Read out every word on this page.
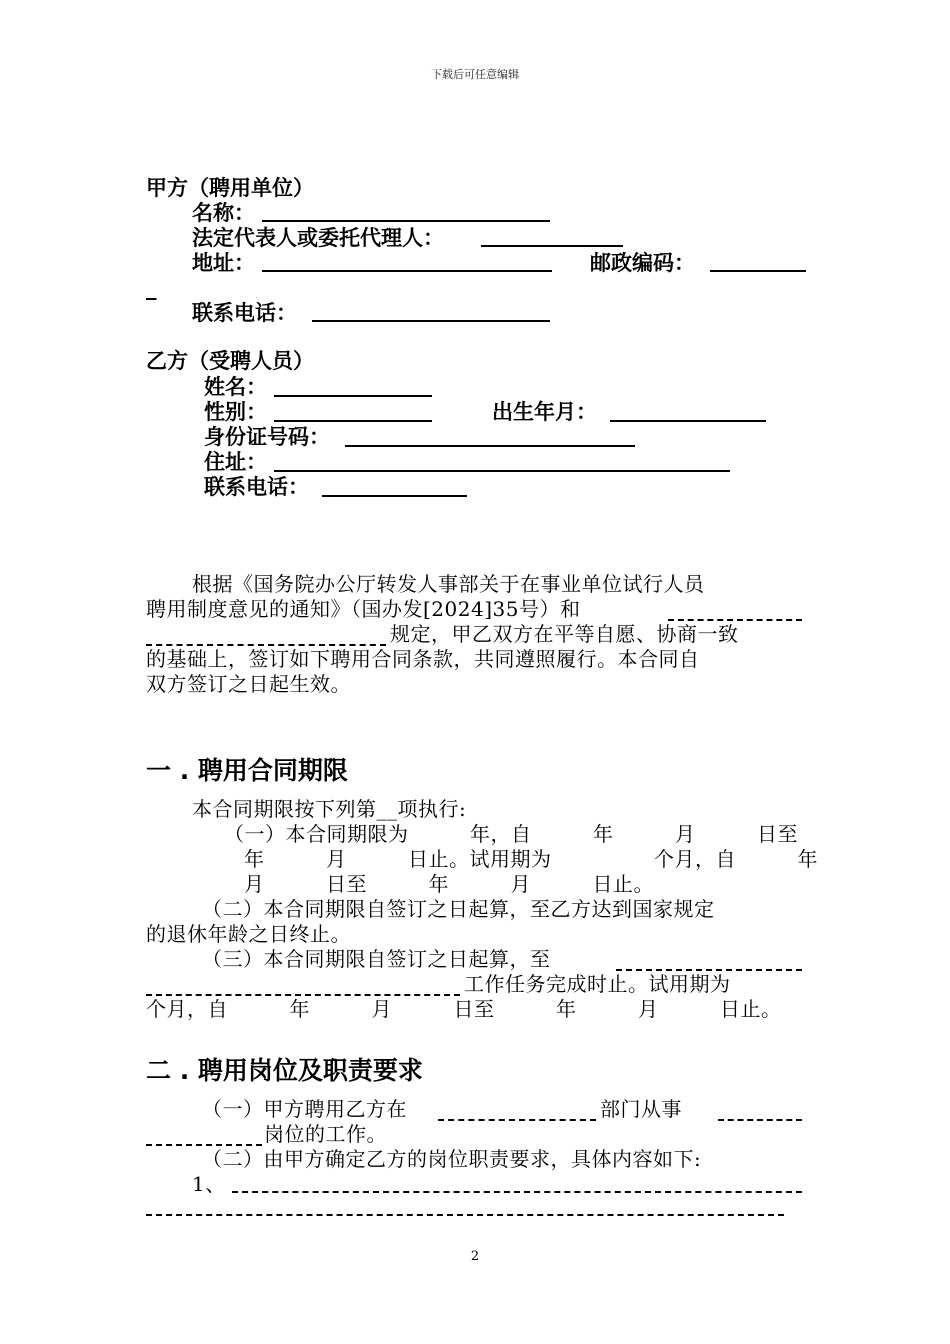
下载后可任意编辑
甲方（聘用单位）
名称：
法定代表人或委托代理人：
地址：	邮政编码：
_
联系电话：
乙方（受聘人员）
姓名：
性别：	出生年月：
身份证号码：
住址：
联系电话：
根据《国务院办公厅转发人事部关于在事业单位试行人员
聘用制度意见的通知》（国办发[2024]35号）和
规定，甲乙双方在平等自愿、协商一致
的基础上，签订如下聘用合同条款，共同遵照履行。本合同自
双方签订之日起生效。
一 . 聘用合同期限
本合同期限按下列第__项执行:
（一）本合同期限为　　　年，自　　　年　　　月　　　日至
年　　　月　　　日止。试用期为　　　　　个月，自　　　年
月　　　日至　　　年　　　月　　　日止。
（二）本合同期限自签订之日起算，至乙方达到国家规定
的退休年龄之日终止。
（三）本合同期限自签订之日起算，至
工作任务完成时止。试用期为
个月，自　　　年　　　月　　　日至　　　年　　　月　　　日止。
二 . 聘用岗位及职责要求
（一）甲方聘用乙方在	部门从事
岗位的工作。
（二）由甲方确定乙方的岗位职责要求，具体内容如下:
1、
2
